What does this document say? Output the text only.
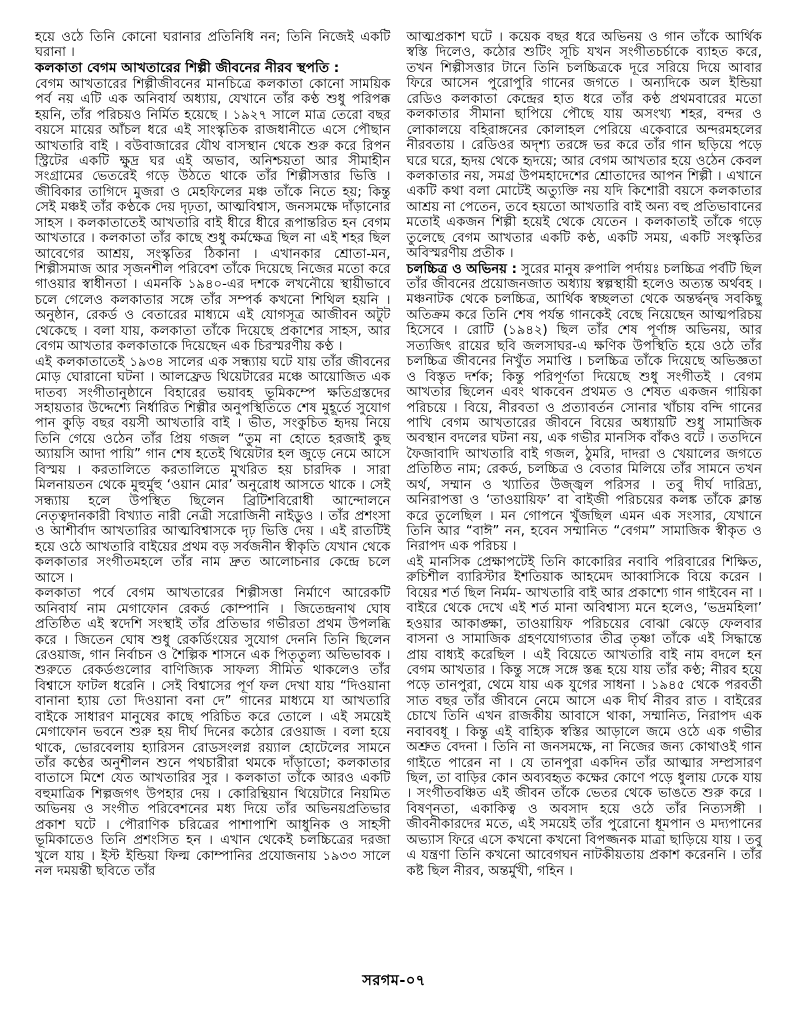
হয়ে ওঠে তিনি কোনো ঘরানার প্রতিনিধি নন; তিনি নিজেই একটি ঘরানা ।

কলকাতা বেগম আখতারের শিল্পী জীবনের নীরব স্থপতি :

বেগম আখতারের শিল্পীজীবনের মানচিত্রে কলকাতা কোনো সাময়িক পর্ব নয় এটি এক অনিবার্য অধ্যায়, যেখানে তাঁর কণ্ঠ শুধু পরিপক্ক হয়নি, তাঁর পরিচয়ও নির্মিত হয়েছে । ১৯২৭ সালে মাত্র তেরো বছর বয়সে মায়ের আঁচল ধরে এই সাংস্কৃতিক রাজধানীতে এসে পৌছান আখতারি বাই । বউবাজারের যৌথ বাসস্থান থেকে শুরু করে রিপন স্ট্রিটের একটি ক্ষুদ্র ঘর এই অভাব, অনিশ্চয়তা আর সীমাহীন সংগ্রামের ভেতরেই গড়ে উঠতে থাকে তাঁর শিল্পীসত্তার ভিত্তি । জীবিকার তাগিদে মুজরা ও মেহফিলের মঞ্চ তাঁকে নিতে হয়; কিন্তু সেই মঞ্চই তাঁর কণ্ঠকে দেয় দৃঢ়তা, আত্মবিশ্বাস, জনসমক্ষে দাঁড়ানোর সাহস । কলকাতাতেই আখতারি বাই ধীরে ধীরে রূপান্তরিত হন বেগম আখতারে । কলকাতা তাঁর কাছে শুধু কর্মক্ষেত্র ছিল না এই শহর ছিল আবেগের আশ্রয়, সংস্কৃতির ঠিকানা । এখানকার শ্রোতা-মন, শিল্পীসমাজ আর সৃজনশীল পরিবেশ তাঁকে দিয়েছে নিজের মতো করে গাওয়ার স্বাধীনতা । এমনকি ১৯৪০-এর দশকে লখনৌয়ে স্থায়ীভাবে চলে গেলেও কলকাতার সঙ্গে তাঁর সম্পর্ক কখনো শিথিল হয়নি । অনুষ্ঠান, রেকর্ড ও বেতারের মাধ্যমে এই যোগসূত্র আজীবন অটুট থেকেছে । বলা যায়, কলকাতা তাঁকে দিয়েছে প্রকাশের সাহস, আর বেগম আখতার কলকাতাকে দিয়েছেন এক চিরস্মরণীয় কণ্ঠ ।

এই কলকাতাতেই ১৯৩৪ সালের এক সন্ধ্যায় ঘটে যায় তাঁর জীবনের মোড় ঘোরানো ঘটনা । আলফ্রেড থিয়েটারের মঞ্চে আয়োজিত এক দাতব্য সংগীতানুষ্ঠানে বিহারের ভয়াবহ ভূমিকম্পে ক্ষতিগ্রস্তদের সহায়তার উদ্দেশ্যে নির্ধারিত শিল্পীর অনুপস্থিতিতে শেষ মুহূর্তে সুযোগ পান কুড়ি বছর বয়সী আখতারি বাই । ভীত, সংকুচিত হৃদয় নিয়ে তিনি গেয়ে ওঠেন তাঁর প্রিয় গজল “তুম না হোতে হরজাই কুছ অ্যায়সি আদা পায়ি” গান শেষ হতেই থিয়েটার হল জুড়ে নেমে আসে বিস্ময় । করতালিতে করতালিতে মুখরিত হয় চারদিক । সারা মিলনায়তন থেকে মুহুর্মুহু ‘ওয়ান মোর’ অনুরোধ আসতে থাকে । সেই সন্ধ্যায় হলে উপস্থিত ছিলেন ব্রিটিশবিরোধী আন্দোলনে নেতৃত্বদানকারী বিখ্যাত নারী নেত্রী সরোজিনী নাইডুও । তাঁর প্রশংসা ও আশীর্বাদ আখতারির আত্মবিশ্বাসকে দৃঢ় ভিত্তি দেয় । এই রাতটিই হয়ে ওঠে আখতারি বাইয়ের প্রথম বড় সর্বজনীন স্বীকৃতি যেখান থেকে কলকাতার সংগীতমহলে তাঁর নাম দ্রুত আলোচনার কেন্দ্রে চলে আসে ।

কলকাতা পর্বে বেগম আখতারের শিল্পীসত্তা নির্মাণে আরেকটি অনিবার্য নাম মেগাফোন রেকর্ড কোম্পানি । জিতেন্দ্রনাথ ঘোষ প্রতিষ্ঠিত এই স্বদেশি সংস্থাই তাঁর প্রতিভার গভীরতা প্রথম উপলব্ধি করে । জিতেন ঘোষ শুধু রেকর্ডিংয়ের সুযোগ দেননি তিনি ছিলেন রেওয়াজ, গান নির্বাচন ও শৈল্পিক শাসনে এক পিতৃতুল্য অভিভাবক । শুরুতে রেকর্ডগুলোর বাণিজ্যিক সাফল্য সীমিত থাকলেও তাঁর বিশ্বাসে ফাটল ধরেনি । সেই বিশ্বাসের পূর্ণ ফল দেখা যায় “দিওয়ানা বানানা হ্যায় তো দিওয়ানা বনা দে” গানের মাধ্যমে যা আখতারি বাইকে সাধারণ মানুষের কাছে পরিচিত করে তোলে । এই সময়েই মেগাফোন ভবনে শুরু হয় দীর্ঘ দিনের কঠোর রেওয়াজ । বলা হয়ে থাকে, ভোরবেলায় হ্যারিসন রোডসংলগ্ন রয়্যাল হোটেলের সামনে তাঁর কণ্ঠের অনুশীলন শুনে পথচারীরা থমকে দাঁড়াতো; কলকাতার বাতাসে মিশে যেত আখতারির সুর । কলকাতা তাঁকে আরও একটি বহুমাত্রিক শিল্পজগৎ উপহার দেয় । কোরিন্থিয়ান থিয়েটারে নিয়মিত অভিনয় ও সংগীত পরিবেশনের মধ্য দিয়ে তাঁর অভিনয়প্রতিভার প্রকাশ ঘটে । পৌরাণিক চরিত্রের পাশাপাশি আধুনিক ও সাহসী ভূমিকাতেও তিনি প্রশংসিত হন । এখান থেকেই চলচ্চিত্রের দরজা খুলে যায় । ইস্ট ইন্ডিয়া ফিল্ম কোম্পানির প্রযোজনায় ১৯৩৩ সালে নল দময়ন্তী ছবিতে তাঁর

আত্মপ্রকাশ ঘটে । কয়েক বছর ধরে অভিনয় ও গান তাঁকে আর্থিক স্বস্তি দিলেও, কঠোর শুটিং সূচি যখন সংগীতচর্চাকে ব্যাহত করে, তখন শিল্পীসত্তার টানে তিনি চলচ্চিত্রকে দূরে সরিয়ে দিয়ে আবার ফিরে আসেন পুরোপুরি গানের জগতে । অন্যদিকে অল ইন্ডিয়া রেডিও কলকাতা কেন্দ্রের হাত ধরে তাঁর কণ্ঠ প্রথমবারের মতো কলকাতার সীমানা ছাপিয়ে পৌছে যায় অসংখ্য শহর, বন্দর ও লোকালয়ে বহিরাঙ্গনের কোলাহল পেরিয়ে একেবারে অন্দরমহলের নীরবতায় । রেডিওর অদৃশ্য তরঙ্গে ভর করে তাঁর গান ছড়িয়ে পড়ে ঘরে ঘরে, হৃদয় থেকে হৃদয়ে; আর বেগম আখতার হয়ে ওঠেন কেবল কলকাতার নয়, সমগ্র উপমহাদেশের শ্রোতাদের আপন শিল্পী । এখানে একটি কথা বলা মোটেই অত্যুক্তি নয় যদি কিশোরী বয়সে কলকাতার আশ্রয় না পেতেন, তবে হয়তো আখতারি বাই অন্য বহু প্রতিভাবানের মতোই একজন শিল্পী হয়েই থেকে যেতেন । কলকাতাই তাঁকে গড়ে তুলেছে বেগম আখতার একটি কণ্ঠ, একটি সময়, একটি সংস্কৃতির অবিস্মরণীয় প্রতীক ।

চলচ্চিত্র ও অভিনয় : সুরের মানুষ রুপালি পর্দায়ঃ চলচ্চিত্র পর্বটি ছিল তাঁর জীবনের প্রয়োজনজাত অধ্যায় স্বল্পস্থায়ী হলেও অত্যন্ত অর্থবহ । মঞ্চনাটক থেকে চলচ্চিত্র, আর্থিক স্বচ্ছলতা থেকে অন্তর্দ্বন্দ্ব সবকিছু অতিক্রম করে তিনি শেষ পর্যন্ত গানকেই বেছে নিয়েছেন আত্মপরিচয় হিসেবে । রোটি (১৯৪২) ছিল তাঁর শেষ পূর্ণাঙ্গ অভিনয়, আর সত্যজিৎ রায়ের ছবি জলসাঘর-এ ক্ষণিক উপস্থিতি হয়ে ওঠে তাঁর চলচ্চিত্র জীবনের নিখুঁত সমাপ্তি । চলচ্চিত্র তাঁকে দিয়েছে অভিজ্ঞতা ও বিস্তৃত দর্শক; কিন্তু পরিপূর্ণতা দিয়েছে শুধু সংগীতই । বেগম আখতার ছিলেন এবং থাকবেন প্রথমত ও শেষত একজন গায়িকা পরিচয়ে । বিয়ে, নীরবতা ও প্রত্যাবর্তন সোনার খাঁচায় বন্দি গানের পাখি বেগম আখতারের জীবনে বিয়ের অধ্যায়টি শুধু সামাজিক অবস্থান বদলের ঘটনা নয়, এক গভীর মানসিক বাঁকও বটে । ততদিনে ফৈজাবাদি আখতারি বাই গজল, ঠুমরি, দাদরা ও খেয়ালের জগতে প্রতিষ্ঠিত নাম; রেকর্ড, চলচ্চিত্র ও বেতার মিলিয়ে তাঁর সামনে তখন অর্থ, সম্মান ও খ্যাতির উজ্জ্বল পরিসর । তবু দীর্ঘ দারিদ্র্য, অনিরাপত্তা ও ‘তাওয়ায়িফ’ বা বাইজী পরিচয়ের কলঙ্ক তাঁকে ক্লান্ত করে তুলেছিল । মন গোপনে খুঁজছিল এমন এক সংসার, যেখানে তিনি আর “বাঈ” নন, হবেন সম্মানিত “বেগম” সামাজিক স্বীকৃত ও নিরাপদ এক পরিচয় ।

এই মানসিক প্রেক্ষাপটেই তিনি কাকোরির নবাবি পরিবারের শিক্ষিত, রুচিশীল ব্যারিস্টার ইশতিয়াক আহমেদ আব্বাসিকে বিয়ে করেন । বিয়ের শর্ত ছিল নির্মম- আখতারি বাই আর প্রকাশ্যে গান গাইবেন না । বাইরে থেকে দেখে এই শর্ত মানা অবিশ্বাস্য মনে হলেও, ‘ভদ্রমহিলা’ হওয়ার আকাঙ্ক্ষা, তাওয়ায়িফ পরিচয়ের বোঝা ঝেড়ে ফেলবার বাসনা ও সামাজিক গ্রহণযোগ্যতার তীব্র তৃষ্ণা তাঁকে এই সিদ্ধান্তে প্রায় বাধ্যই করেছিল । এই বিয়েতে আখতারি বাই নাম বদলে হন বেগম আখতার । কিন্তু সঙ্গে সঙ্গে স্তব্ধ হয়ে যায় তাঁর কণ্ঠ; নীরব হয়ে পড়ে তানপুরা, থেমে যায় এক যুগের সাধনা । ১৯৪৫ থেকে পরবর্তী সাত বছর তাঁর জীবনে নেমে আসে এক দীর্ঘ নীরব রাত । বাইরের চোখে তিনি এখন রাজকীয় আবাসে থাকা, সম্মানিত, নিরাপদ এক নবাববধূ । কিন্তু এই বাহ্যিক স্বস্তির আড়ালে জমে ওঠে এক গভীর অশ্রুত বেদনা । তিনি না জনসমক্ষে, না নিজের জন্য কোথাওই গান গাইতে পারেন না । যে তানপুরা একদিন তাঁর আত্মার সম্প্রসারণ ছিল, তা বাড়ির কোন অব্যবহৃত কক্ষের কোণে পড়ে ধুলায় ঢেকে যায় । সংগীতবঞ্চিত এই জীবন তাঁকে ভেতর থেকে ভাঙতে শুরু করে । বিষণ্নতা, একাকিত্ব ও অবসাদ হয়ে ওঠে তাঁর নিত্যসঙ্গী । জীবনীকারদের মতে, এই সময়েই তাঁর পুরোনো ধূমপান ও মদ্যপানের অভ্যাস ফিরে এসে কখনো কখনো বিপজ্জনক মাত্রা ছাড়িয়ে যায় । তবু এ যন্ত্রণা তিনি কখনো আবেগঘন নাটকীয়তায় প্রকাশ করেননি । তাঁর কষ্ট ছিল নীরব, অন্তর্মুখী, গহিন ।

সরগম-০৭
